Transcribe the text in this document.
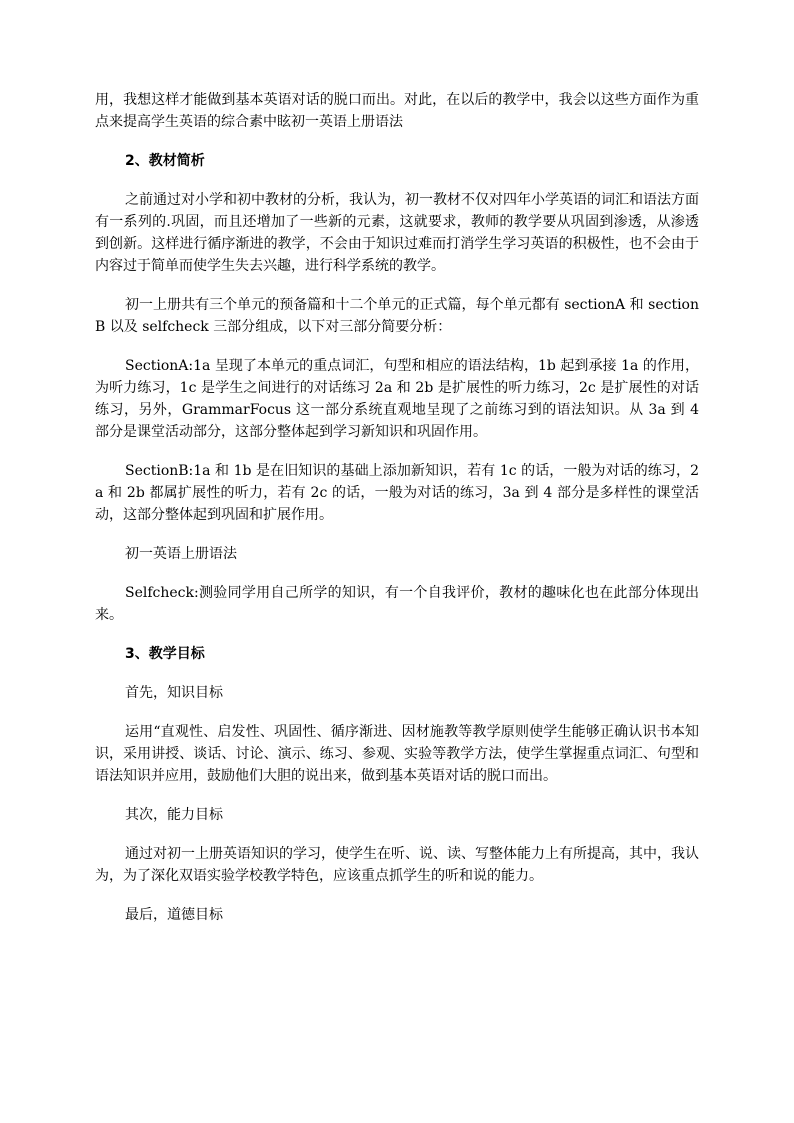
用，我想这样才能做到基本英语对话的脱口而出。对此，在以后的教学中，我会以这些方面作为重点来提高学生英语的综合素中眩初一英语上册语法

2、教材简析

之前通过对小学和初中教材的分析，我认为，初一教材不仅对四年小学英语的词汇和语法方面有一系列的.巩固，而且还增加了一些新的元素，这就要求，教师的教学要从巩固到渗透，从渗透到创新。这样进行循序渐进的教学，不会由于知识过难而打消学生学习英语的积极性，也不会由于内容过于简单而使学生失去兴趣，进行科学系统的教学。

初一上册共有三个单元的预备篇和十二个单元的正式篇，每个单元都有 sectionA 和 sectionB 以及 selfcheck 三部分组成，以下对三部分简要分析：

SectionA:1a 呈现了本单元的重点词汇，句型和相应的语法结构，1b 起到承接 1a 的作用，为听力练习，1c 是学生之间进行的对话练习 2a 和 2b 是扩展性的听力练习，2c 是扩展性的对话练习，另外，GrammarFocus 这一部分系统直观地呈现了之前练习到的语法知识。从 3a 到 4 部分是课堂活动部分，这部分整体起到学习新知识和巩固作用。

SectionB:1a 和 1b 是在旧知识的基础上添加新知识，若有 1c 的话，一般为对话的练习，2a 和 2b 都属扩展性的听力，若有 2c 的话，一般为对话的练习，3a 到 4 部分是多样性的课堂活动，这部分整体起到巩固和扩展作用。

初一英语上册语法

Selfcheck:测验同学用自己所学的知识，有一个自我评价，教材的趣味化也在此部分体现出来。

3、教学目标

首先，知识目标

运用“直观性、启发性、巩固性、循序渐进、因材施教等教学原则使学生能够正确认识书本知识，采用讲授、谈话、讨论、演示、练习、参观、实验等教学方法，使学生掌握重点词汇、句型和语法知识并应用，鼓励他们大胆的说出来，做到基本英语对话的脱口而出。

其次，能力目标

通过对初一上册英语知识的学习，使学生在听、说、读、写整体能力上有所提高，其中，我认为，为了深化双语实验学校教学特色，应该重点抓学生的听和说的能力。

最后，道德目标
